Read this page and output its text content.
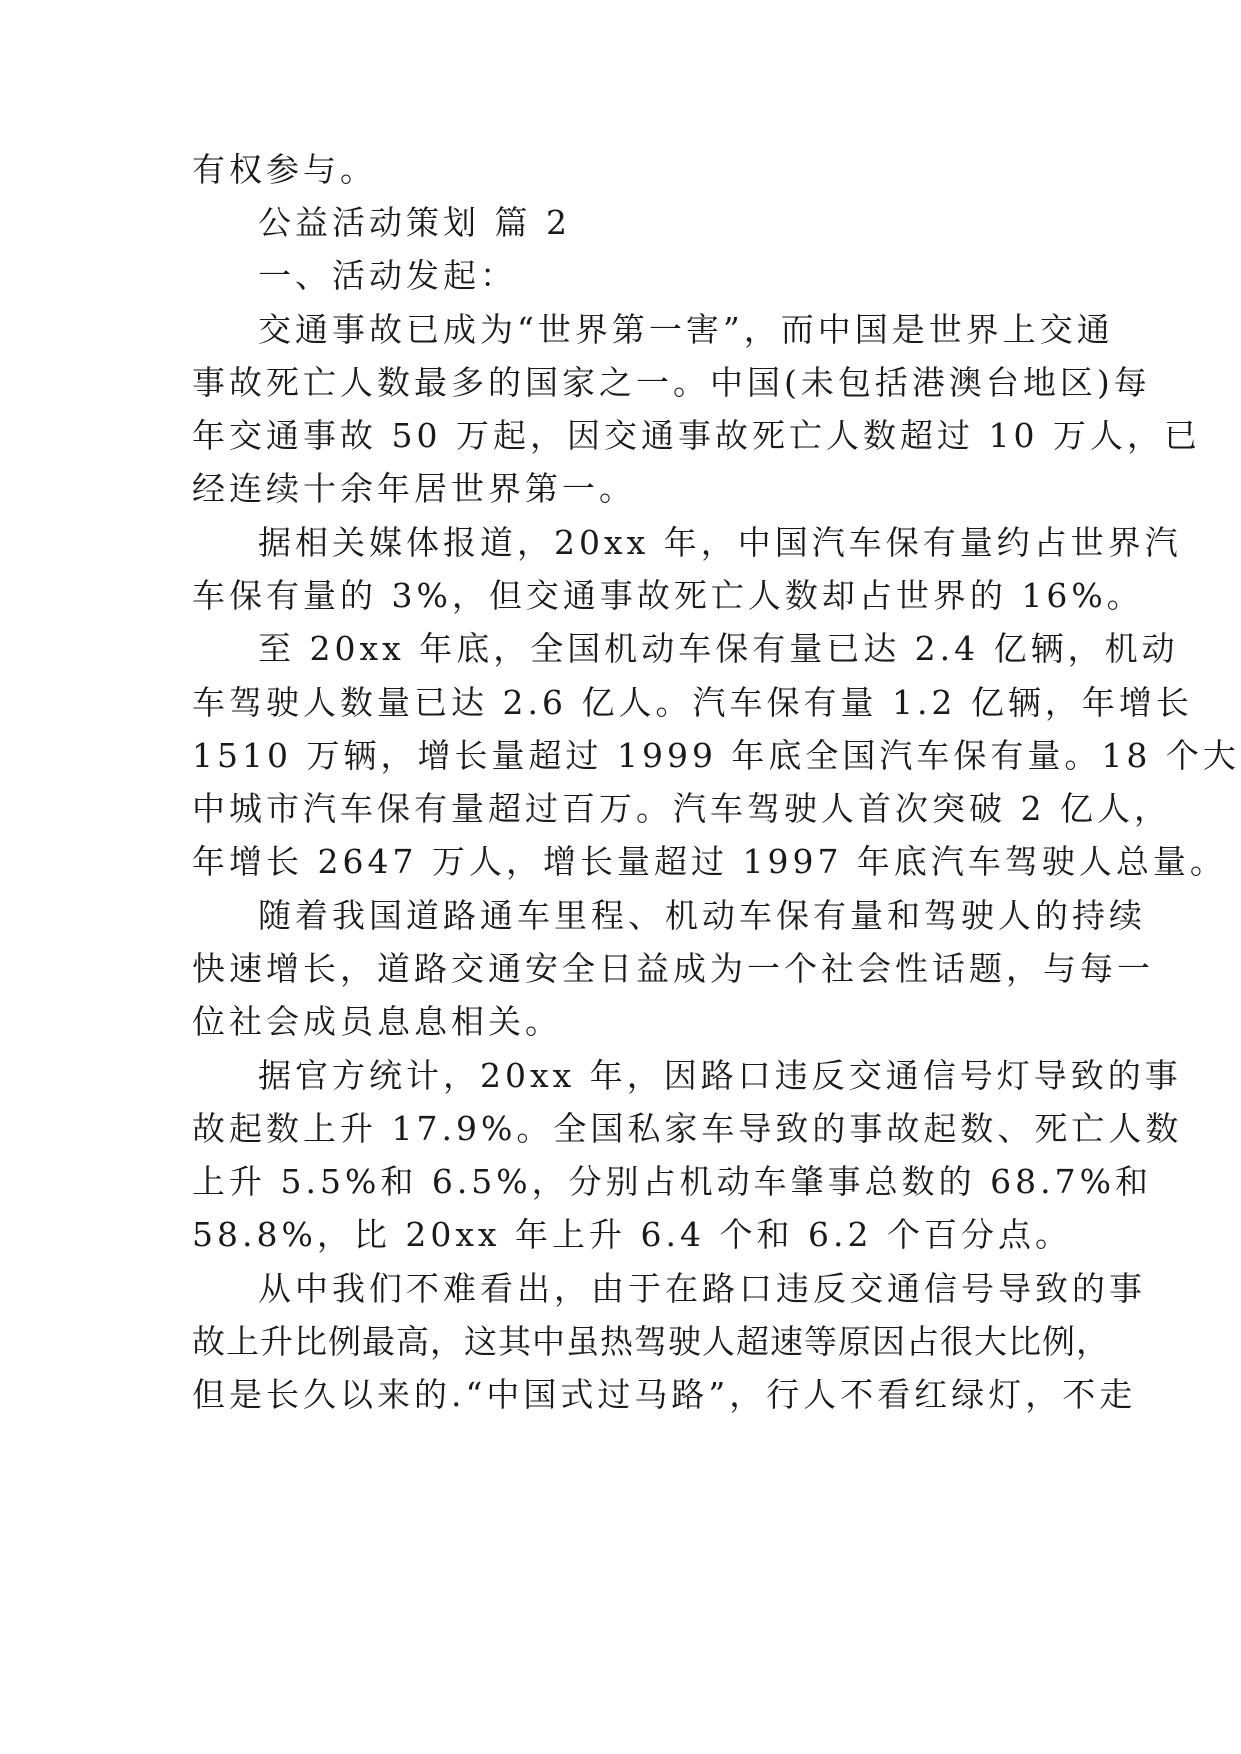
有权参与。
公益活动策划 篇 2
一、活动发起：
交通事故已成为“世界第一害”，而中国是世界上交通
事故死亡人数最多的国家之一。中国(未包括港澳台地区)每
年交通事故 50 万起，因交通事故死亡人数超过 10 万人，已
经连续十余年居世界第一。
据相关媒体报道，20xx 年，中国汽车保有量约占世界汽
车保有量的 3%，但交通事故死亡人数却占世界的 16%。
至 20xx 年底，全国机动车保有量已达 2.4 亿辆，机动
车驾驶人数量已达 2.6 亿人。汽车保有量 1.2 亿辆，年增长
1510 万辆，增长量超过 1999 年底全国汽车保有量。18 个大
中城市汽车保有量超过百万。汽车驾驶人首次突破 2 亿人，
年增长 2647 万人，增长量超过 1997 年底汽车驾驶人总量。
随着我国道路通车里程、机动车保有量和驾驶人的持续
快速增长，道路交通安全日益成为一个社会性话题，与每一
位社会成员息息相关。
据官方统计，20xx 年，因路口违反交通信号灯导致的事
故起数上升 17.9%。全国私家车导致的事故起数、死亡人数
上升 5.5%和 6.5%，分别占机动车肇事总数的 68.7%和
58.8%，比 20xx 年上升 6.4 个和 6.2 个百分点。
从中我们不难看出，由于在路口违反交通信号导致的事
故上升比例最高，这其中虽热驾驶人超速等原因占很大比例，
但是长久以来的.“中国式过马路”，行人不看红绿灯，不走
